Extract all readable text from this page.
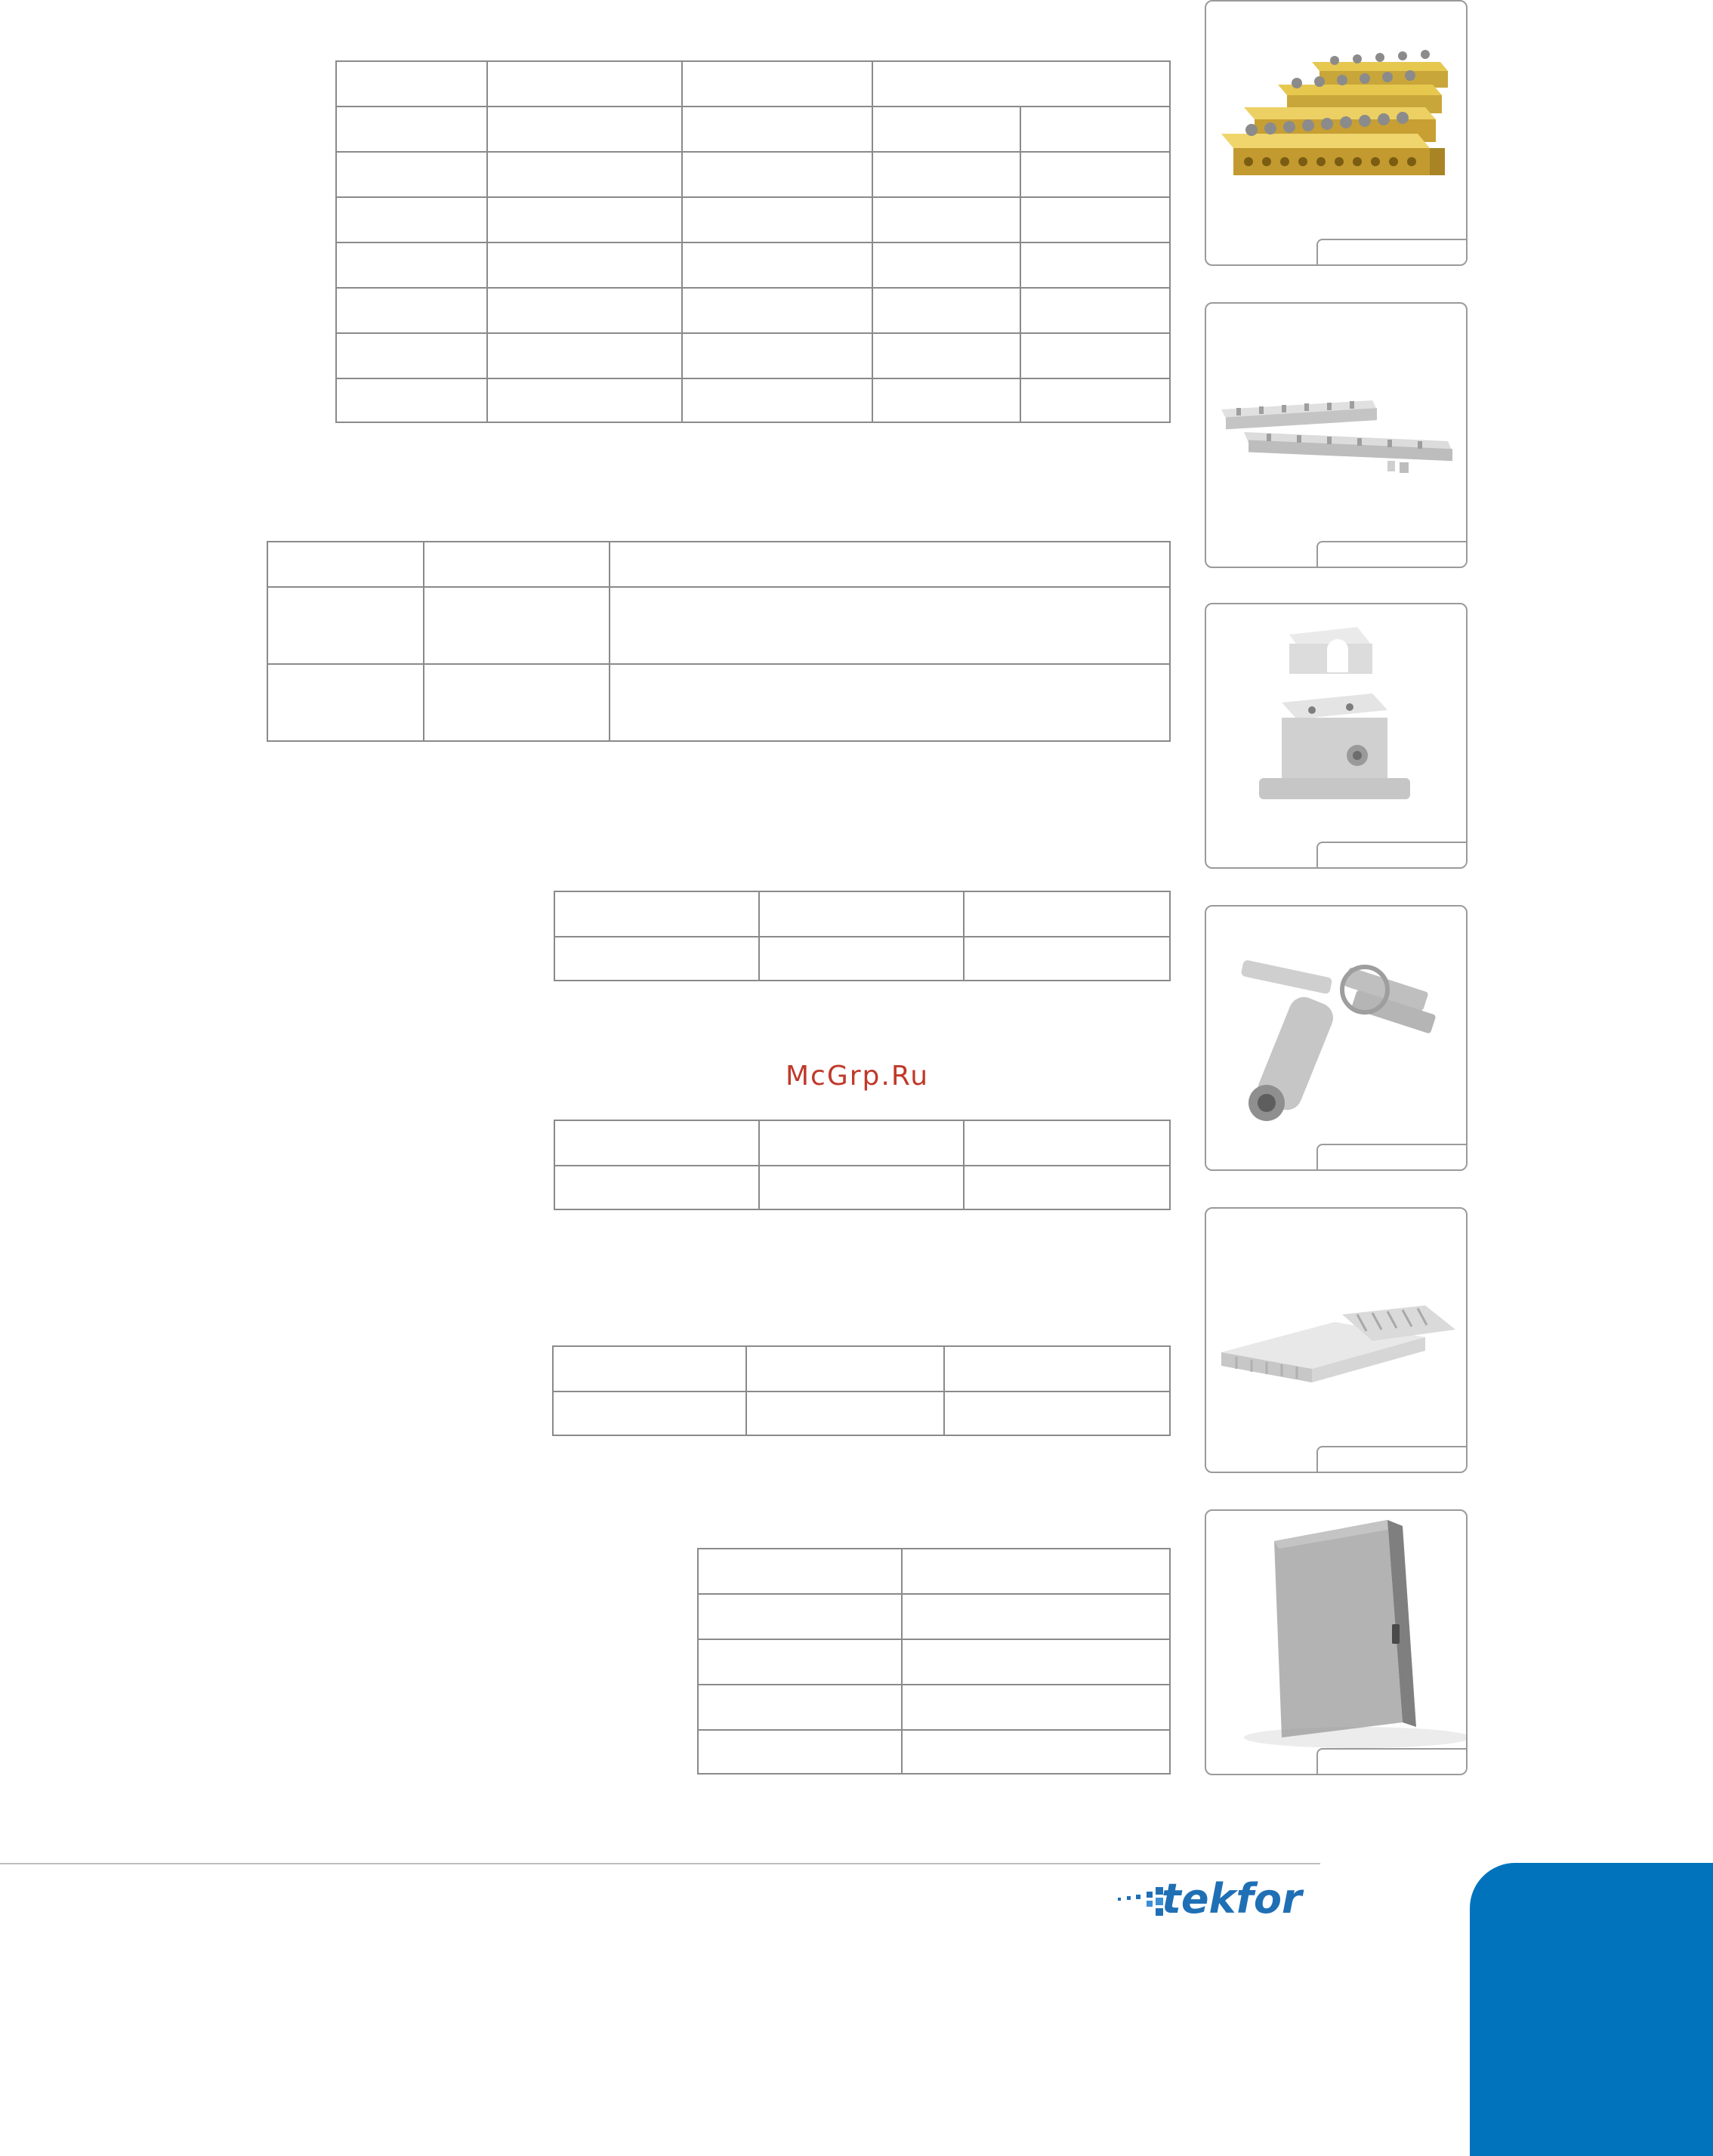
McGrp.Ru
tekfor
